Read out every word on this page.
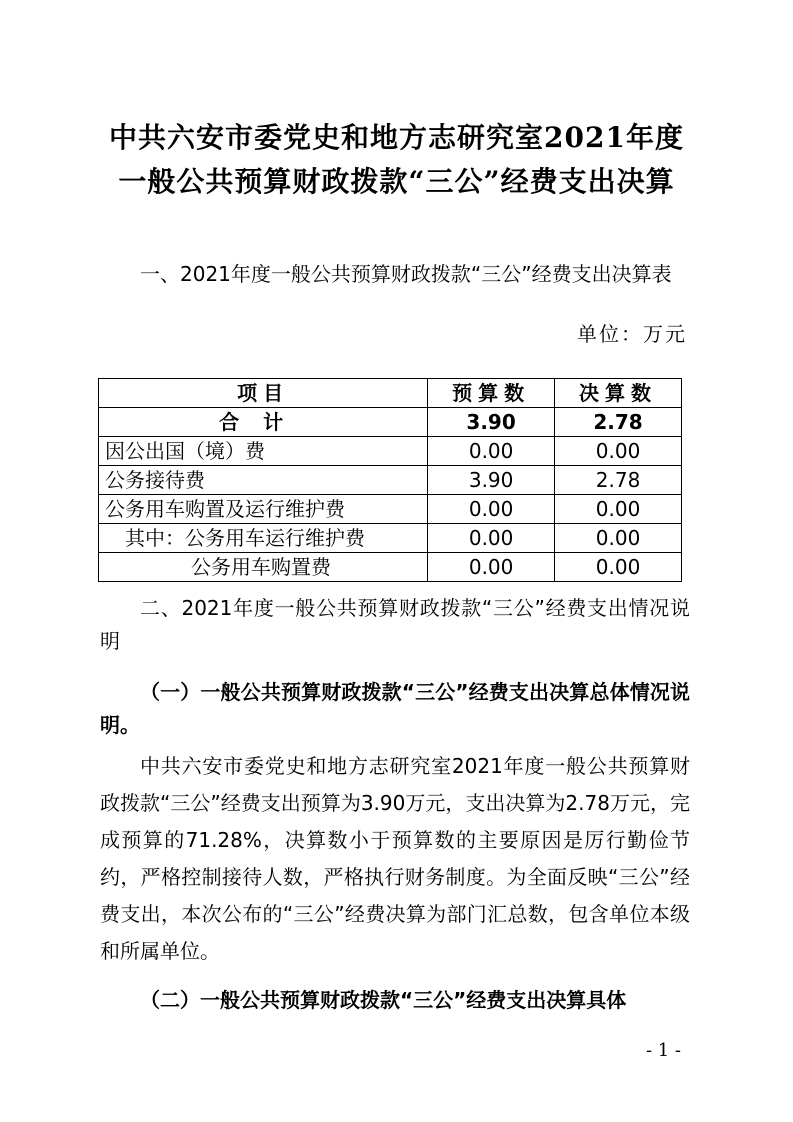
中共六安市委党史和地方志研究室2021年度
一般公共预算财政拨款“三公”经费支出决算
一、2021年度一般公共预算财政拨款“三公”经费支出决算表
单位：万元
项目	预算数	决算数
合计	3.90	2.78
因公出国（境）费	0.00	0.00
公务接待费	3.90	2.78
公务用车购置及运行维护费	0.00	0.00
其中：公务用车运行维护费	0.00	0.00
公务用车购置费	0.00	0.00
二、2021年度一般公共预算财政拨款“三公”经费支出情况说明
（一）一般公共预算财政拨款“三公”经费支出决算总体情况说明。
中共六安市委党史和地方志研究室2021年度一般公共预算财政拨款“三公”经费支出预算为3.90万元，支出决算为2.78万元，完成预算的71.28%，决算数小于预算数的主要原因是厉行勤俭节约，严格控制接待人数，严格执行财务制度。为全面反映“三公”经费支出，本次公布的“三公”经费决算为部门汇总数，包含单位本级和所属单位。
（二）一般公共预算财政拨款“三公”经费支出决算具体
- 1 -
